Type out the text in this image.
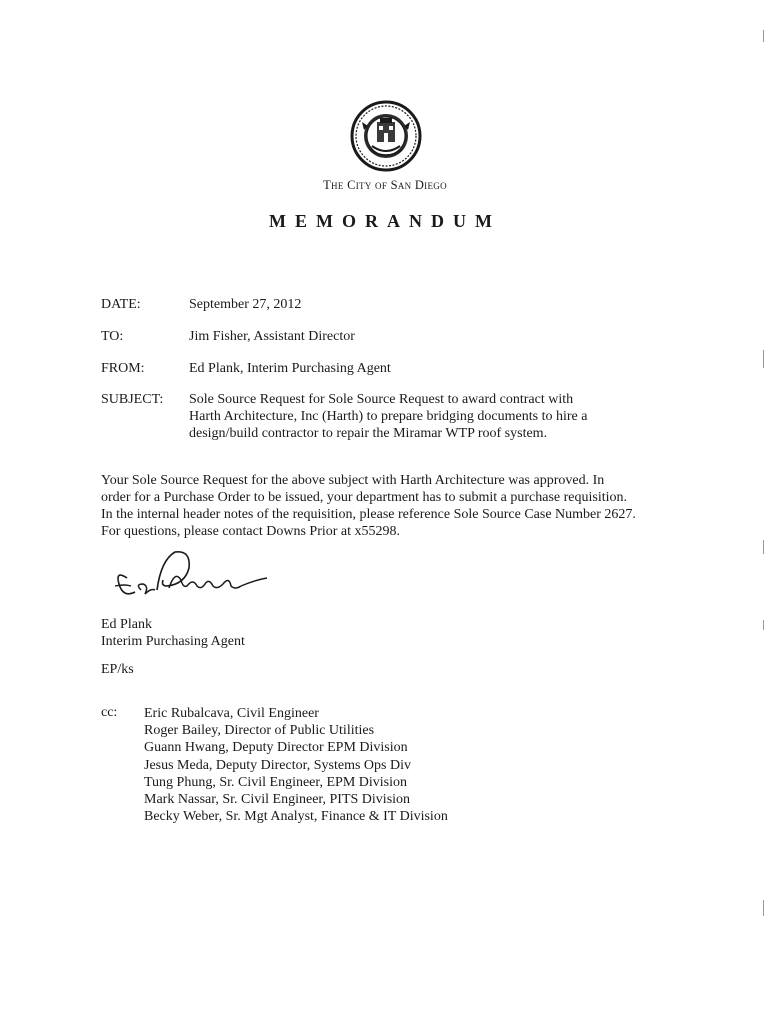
The City of San Diego
MEMORANDUM
DATE:	September 27, 2012
TO:	Jim Fisher, Assistant Director
FROM:	Ed Plank, Interim Purchasing Agent
SUBJECT: Sole Source Request for Sole Source Request to award contract with
Harth Architecture, Inc (Harth) to prepare bridging documents to hire a
design/build contractor to repair the Miramar WTP roof system.
Your Sole Source Request for the above subject with Harth Architecture was approved. In
order for a Purchase Order to be issued, your department has to submit a purchase requisition.
In the internal header notes of the requisition, please reference Sole Source Case Number 2627.
For questions, please contact Downs Prior at x55298.
Ed Plank
Interim Purchasing Agent
EP/ks
cc: Eric Rubalcava, Civil Engineer
Roger Bailey, Director of Public Utilities
Guann Hwang, Deputy Director EPM Division
Jesus Meda, Deputy Director, Systems Ops Div
Tung Phung, Sr. Civil Engineer, EPM Division
Mark Nassar, Sr. Civil Engineer, PITS Division
Becky Weber, Sr. Mgt Analyst, Finance & IT Division
